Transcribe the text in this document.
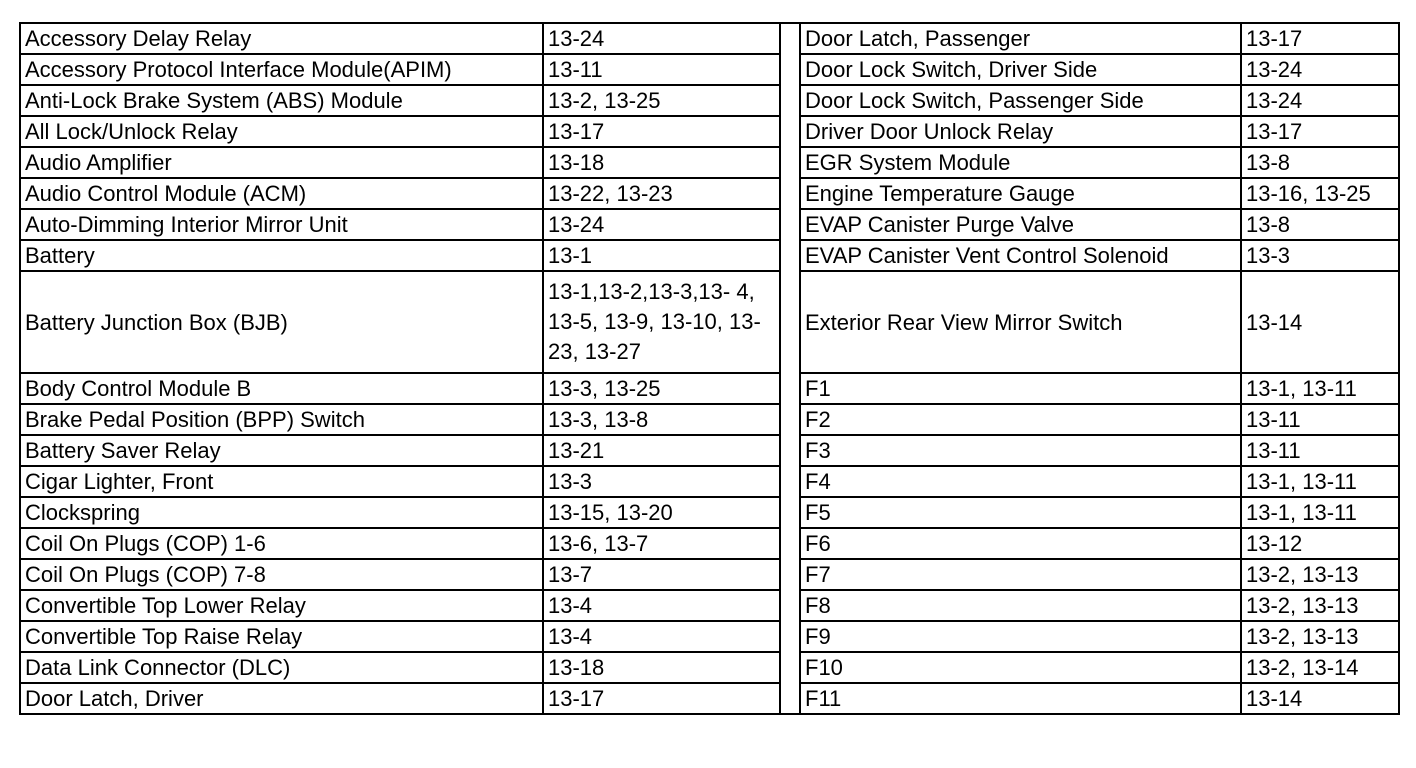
Accessory Delay Relay	13-24		Door Latch, Passenger	13-17
Accessory Protocol Interface Module(APIM)	13-11		Door Lock Switch, Driver Side	13-24
Anti-Lock Brake System (ABS) Module	13-2, 13-25		Door Lock Switch, Passenger Side	13-24
All Lock/Unlock Relay	13-17		Driver Door Unlock Relay	13-17
Audio Amplifier	13-18		EGR System Module	13-8
Audio Control Module (ACM)	13-22, 13-23		Engine Temperature Gauge	13-16, 13-25
Auto-Dimming Interior Mirror Unit	13-24		EVAP Canister Purge Valve	13-8
Battery	13-1		EVAP Canister Vent Control Solenoid	13-3
Battery Junction Box (BJB)	13-1,13-2,13-3,13- 4, 13-5, 13-9, 13-10, 13-23, 13-27		Exterior Rear View Mirror Switch	13-14
Body Control Module B	13-3, 13-25		F1	13-1, 13-11
Brake Pedal Position (BPP) Switch	13-3, 13-8		F2	13-11
Battery Saver Relay	13-21		F3	13-11
Cigar Lighter, Front	13-3		F4	13-1, 13-11
Clockspring	13-15, 13-20		F5	13-1, 13-11
Coil On Plugs (COP) 1-6	13-6, 13-7		F6	13-12
Coil On Plugs (COP) 7-8	13-7		F7	13-2, 13-13
Convertible Top Lower Relay	13-4		F8	13-2, 13-13
Convertible Top Raise Relay	13-4		F9	13-2, 13-13
Data Link Connector (DLC)	13-18		F10	13-2, 13-14
Door Latch, Driver	13-17		F11	13-14
